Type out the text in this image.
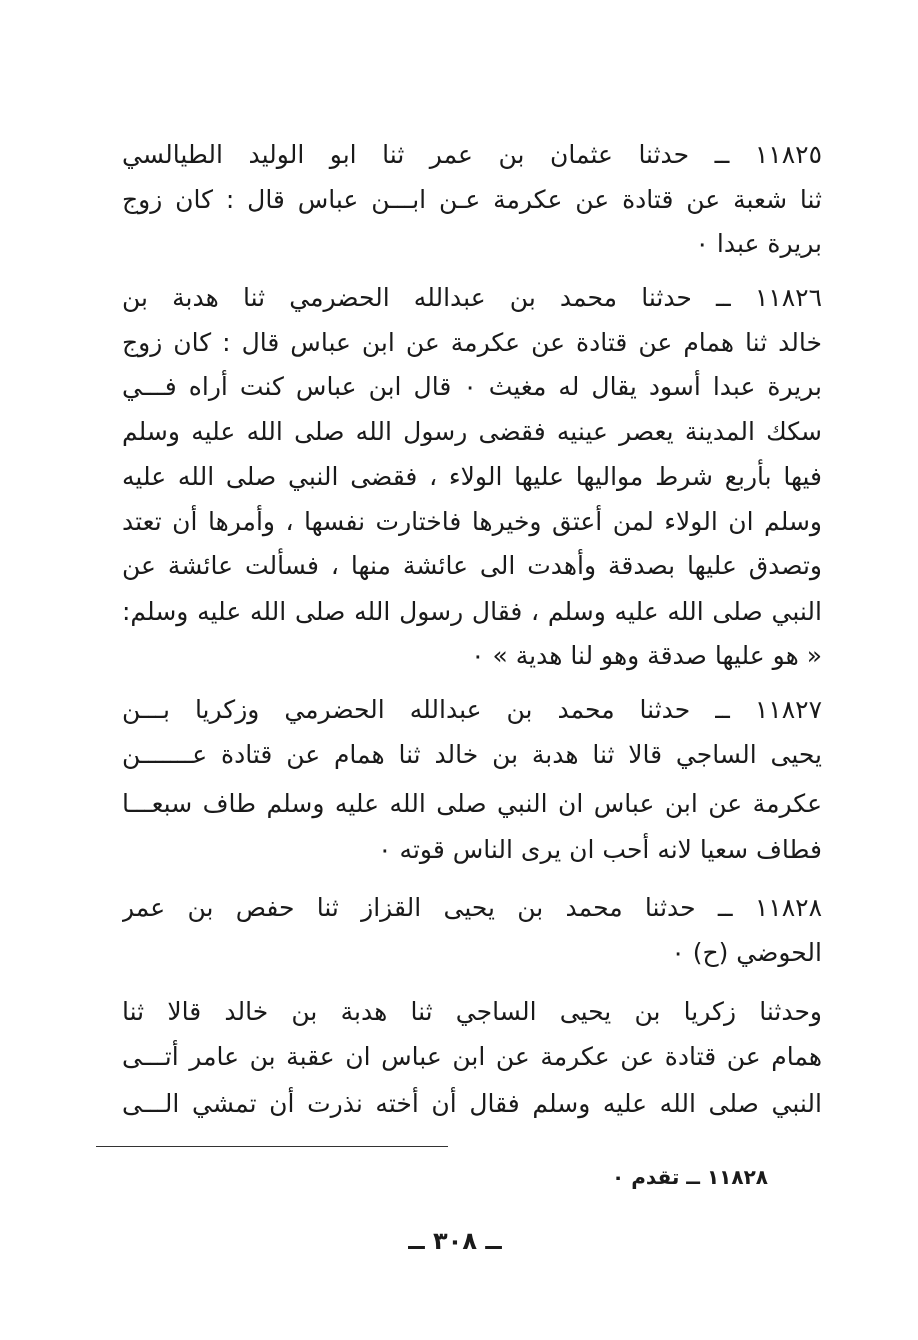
١١٨٢٥ ــ حدثنا عثمان بن عمر ثنا ابو الوليد الطيالسي
ثنا شعبة عن قتادة عن عكرمة عـن ابـــن عباس قال : كان زوج
بريرة عبدا ٠
١١٨٢٦ ــ حدثنا محمد بن عبدالله الحضرمي ثنا هدبة بن
خالد ثنا همام عن قتادة عن عكرمة عن ابن عباس قال : كان زوج
بريرة عبدا أسود يقال له مغيث ٠ قال ابن عباس كنت أراه فـــي
سكك المدينة يعصر عينيه فقضى رسول الله صلى الله عليه وسلم
فيها بأربع شرط مواليها عليها الولاء ، فقضى النبي صلى الله عليه
وسلم ان الولاء لمن أعتق وخيرها فاختارت نفسها ، وأمرها أن تعتد
وتصدق عليها بصدقة وأهدت الى عائشة منها ، فسألت عائشة عن
النبي صلى الله عليه وسلم ، فقال رسول الله صلى الله عليه وسلم:
« هو عليها صدقة وهو لنا هدية » ٠
١١٨٢٧ ــ حدثنا محمد بن عبدالله الحضرمي وزكريا بـــن
يحيى الساجي قالا ثنا هدبة بن خالد ثنا همام عن قتادة عـــــــن
عكرمة عن ابن عباس ان النبي صلى الله عليه وسلم طاف سبعـــا
فطاف سعيا لانه أحب ان يرى الناس قوته ٠
١١٨٢٨ ــ حدثنا محمد بن يحيى القزاز ثنا حفص بن عمر
الحوضي (ح) ٠
وحدثنا زكريا بن يحيى الساجي ثنا هدبة بن خالد قالا ثنا
همام عن قتادة عن عكرمة عن ابن عباس ان عقبة بن عامر أتـــى
النبي صلى الله عليه وسلم فقال أن أخته نذرت أن تمشي الـــى
١١٨٢٨ ــ تقدم ٠
ــ ٣٠٨ ــ
